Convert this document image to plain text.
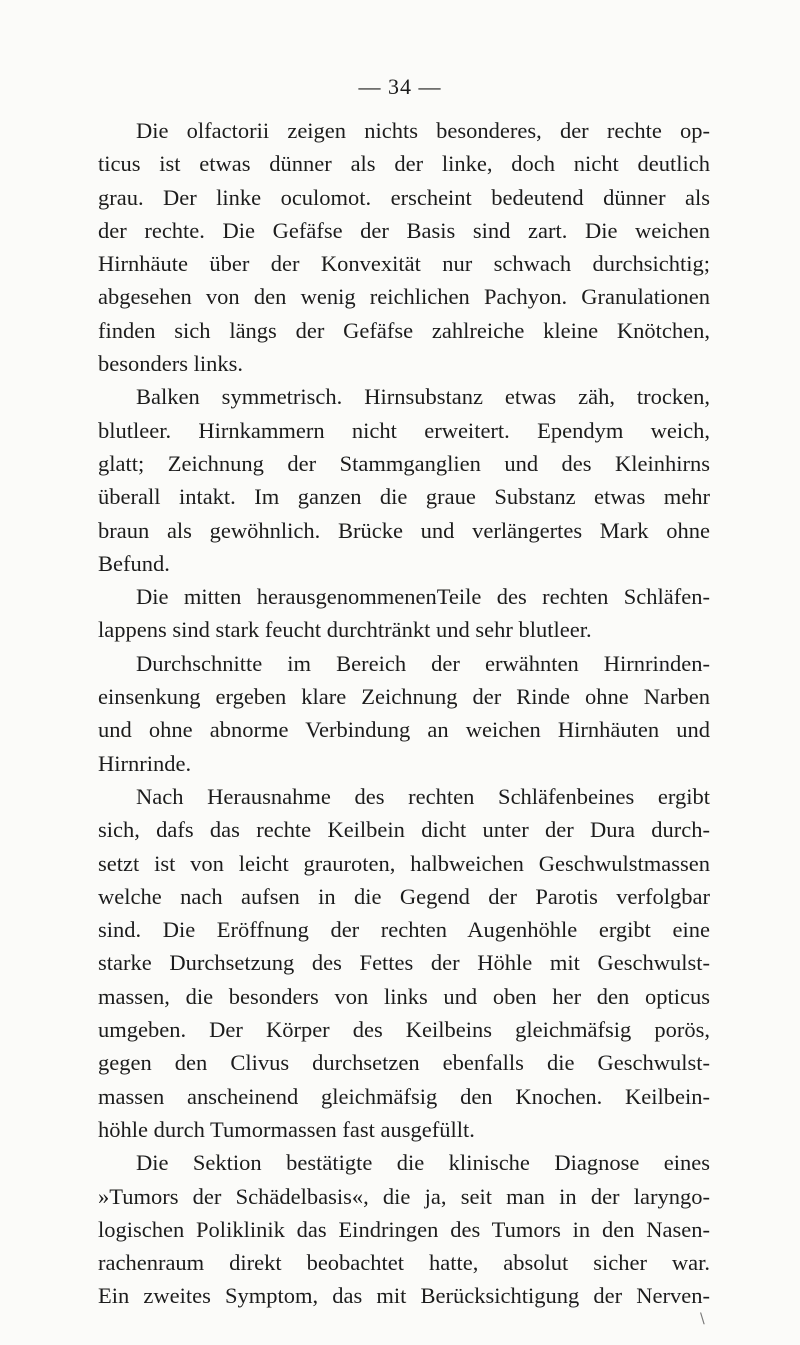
— 34 —
Die olfactorii zeigen nichts besonderes, der rechte op-
ticus ist etwas dünner als der linke, doch nicht deutlich
grau. Der linke oculomot. erscheint bedeutend dünner als
der rechte. Die Gefäfse der Basis sind zart. Die weichen
Hirnhäute über der Konvexität nur schwach durchsichtig;
abgesehen von den wenig reichlichen Pachyon. Granulationen
finden sich längs der Gefäfse zahlreiche kleine Knötchen,
besonders links.
Balken symmetrisch. Hirnsubstanz etwas zäh, trocken,
blutleer. Hirnkammern nicht erweitert. Ependym weich,
glatt; Zeichnung der Stammganglien und des Kleinhirns
überall intakt. Im ganzen die graue Substanz etwas mehr
braun als gewöhnlich. Brücke und verlängertes Mark ohne
Befund.
Die mitten herausgenommenenTeile des rechten Schläfen-
lappens sind stark feucht durchtränkt und sehr blutleer.
Durchschnitte im Bereich der erwähnten Hirnrinden-
einsenkung ergeben klare Zeichnung der Rinde ohne Narben
und ohne abnorme Verbindung an weichen Hirnhäuten und
Hirnrinde.
Nach Herausnahme des rechten Schläfenbeines ergibt
sich, dafs das rechte Keilbein dicht unter der Dura durch-
setzt ist von leicht grauroten, halbweichen Geschwulstmassen
welche nach aufsen in die Gegend der Parotis verfolgbar
sind. Die Eröffnung der rechten Augenhöhle ergibt eine
starke Durchsetzung des Fettes der Höhle mit Geschwulst-
massen, die besonders von links und oben her den opticus
umgeben. Der Körper des Keilbeins gleichmäfsig porös,
gegen den Clivus durchsetzen ebenfalls die Geschwulst-
massen anscheinend gleichmäfsig den Knochen. Keilbein-
höhle durch Tumormassen fast ausgefüllt.
Die Sektion bestätigte die klinische Diagnose eines
»Tumors der Schädelbasis«, die ja, seit man in der laryngo-
logischen Poliklinik das Eindringen des Tumors in den Nasen-
rachenraum direkt beobachtet hatte, absolut sicher war.
Ein zweites Symptom, das mit Berücksichtigung der Nerven-
\
